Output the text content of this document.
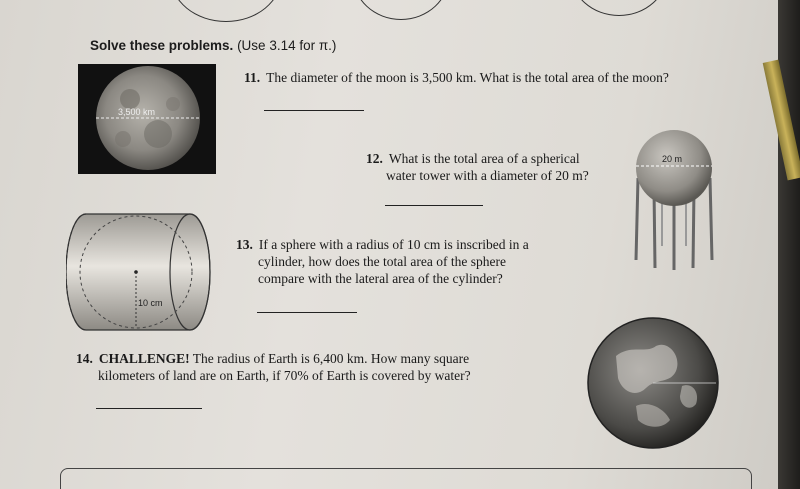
Solve these problems. (Use 3.14 for π.)
3,500 km
11. The diameter of the moon is 3,500 km. What is the total area of the moon?
12. What is the total area of a spherical
water tower with a diameter of 20 m?
20 m
10 cm
13. If a sphere with a radius of 10 cm is inscribed in a
cylinder, how does the total area of the sphere
compare with the lateral area of the cylinder?
14. CHALLENGE! The radius of Earth is 6,400 km. How many square
kilometers of land are on Earth, if 70% of Earth is covered by water?
